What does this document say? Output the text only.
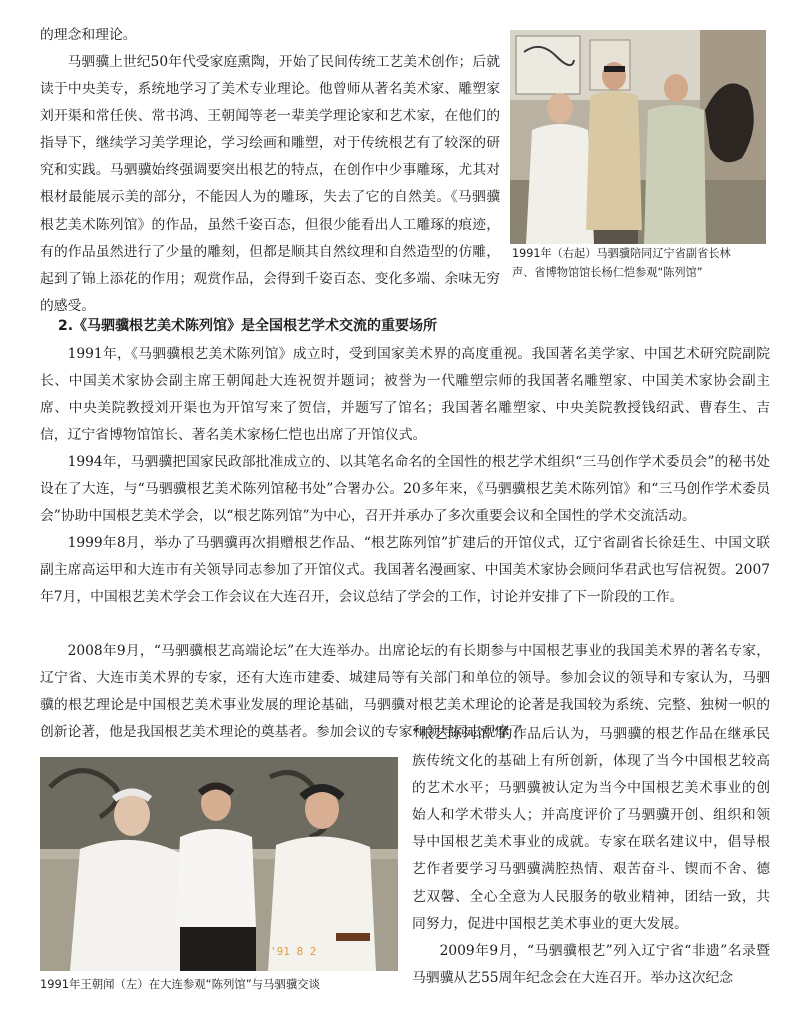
的理念和理论。

马驷骥上世纪50年代受家庭熏陶，开始了民间传统工艺美术创作；后就读于中央美专，系统地学习了美术专业理论。他曾师从著名美术家、雕塑家刘开渠和常任侠、常书鸿、王朝闻等老一辈美学理论家和艺术家，在他们的指导下，继续学习美学理论，学习绘画和雕塑，对于传统根艺有了较深的研究和实践。马驷骥始终强调要突出根艺的特点，在创作中少事雕琢，尤其对根材最能展示美的部分，不能因人为的雕琢，失去了它的自然美。《马驷骥根艺美术陈列馆》的作品，虽然千姿百态，但很少能看出人工雕琢的痕迹，有的作品虽然进行了少量的雕刻，但都是顺其自然纹理和自然造型的仿雕，起到了锦上添花的作用；观赏作品，会得到千姿百态、变化多端、余味无穷的感受。

1991年（右起）马驷骥陪同辽宁省副省长林

声、省博物馆馆长杨仁恺参观“陈列馆”

2.《马驷骥根艺美术陈列馆》是全国根艺学术交流的重要场所

1991年，《马驷骥根艺美术陈列馆》成立时，受到国家美术界的高度重视。我国著名美学家、中国艺术研究院副院长、中国美术家协会副主席王朝闻赴大连祝贺并题词；被誉为一代雕塑宗师的我国著名雕塑家、中国美术家协会副主席、中央美院教授刘开渠也为开馆写来了贺信，并题写了馆名；我国著名雕塑家、中央美院教授钱绍武、曹春生、吉信，辽宁省博物馆馆长、著名美术家杨仁恺也出席了开馆仪式。

1994年，马驷骥把国家民政部批准成立的、以其笔名命名的全国性的根艺学术组织“三马创作学术委员会”的秘书处设在了大连，与“马驷骥根艺美术陈列馆秘书处”合署办公。20多年来，《马驷骥根艺美术陈列馆》和“三马创作学术委员会”协助中国根艺美术学会，以“根艺陈列馆”为中心，召开并承办了多次重要会议和全国性的学术交流活动。

1999年8月，举办了马驷骥再次捐赠根艺作品、“根艺陈列馆”扩建后的开馆仪式，辽宁省副省长徐廷生、中国文联副主席高运甲和大连市有关领导同志参加了开馆仪式。我国著名漫画家、中国美术家协会顾问华君武也写信祝贺。2007年7月，中国根艺美术学会工作会议在大连召开，会议总结了学会的工作，讨论并安排了下一阶段的工作。

2008年9月，“马驷骥根艺高端论坛”在大连举办。出席论坛的有长期参与中国根艺事业的我国美术界的著名专家，辽宁省、大连市美术界的专家，还有大连市建委、城建局等有关部门和单位的领导。参加会议的领导和专家认为，马驷骥的根艺理论是中国根艺美术事业发展的理论基础，马驷骥对根艺美术理论的论著是我国较为系统、完整、独树一帜的创新论著，他是我国根艺美术理论的奠基者。参加会议的专家和领导同志观摩了

'91 8 2

1991年王朝闻（左）在大连参观“陈列馆”与马驷骥交谈

“根艺陈列馆”的作品后认为，马驷骥的根艺作品在继承民族传统文化的基础上有所创新，体现了当今中国根艺较高的艺术水平；马驷骥被认定为当今中国根艺美术事业的创始人和学术带头人；并高度评价了马驷骥开创、组织和领导中国根艺美术事业的成就。专家在联名建议中，倡导根艺作者要学习马驷骥满腔热情、艰苦奋斗、锲而不舍、德艺双馨、全心全意为人民服务的敬业精神，团结一致，共同努力，促进中国根艺美术事业的更大发展。

2009年9月，“马驷骥根艺”列入辽宁省“非遗”名录暨马驷骥从艺55周年纪念会在大连召开。举办这次纪念
